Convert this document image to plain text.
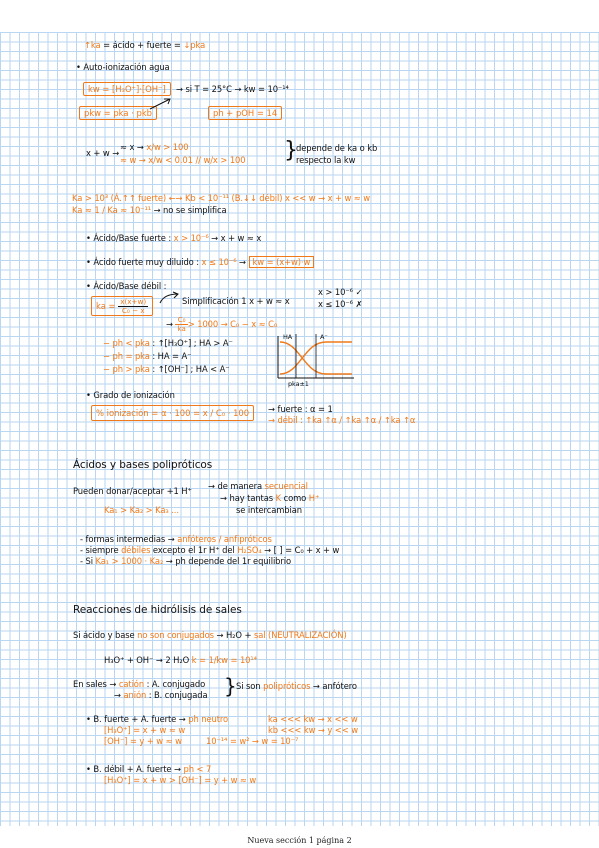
↑ka = ácido + fuerte = ↓pka
• Auto-ionización agua
kw = [H₃O⁺]·[OH⁻]	→ si T = 25°C → kw = 10⁻¹⁴
pkw = pka · pkb	ph + pOH = 14
x + w →
≈ x → x/w > 100
≈ w → x/w < 0.01 // w/x > 100 }
depende de ka o kb
respecto la kw
Ka > 10³ (Á.↑↑ fuerte) ←→ Kb < 10⁻¹¹ (B.↓↓ débil) x << w → x + w ≈ w
Ka ≈ 1 / Ka ≈ 10⁻¹¹ → no se simplifica
• Ácido/Base fuerte : x > 10⁻⁶ → x + w ≈ x
• Ácido fuerte muy diluido : x ≤ 10⁻⁶ → kw = (x+w)·w
• Ácido/Base débil :
ka = $\frac{x(x+w)}{\text{C₀ − x}}$	Simplificación 1 x + w ≈ x
x > 10⁻⁶ ✓
x ≤ 10⁻⁶ ✗
→ $\frac{\text{C₀}}{ka} > 1000 \to C_0 - x \approx C_0$
− ph < pka : ↑[H₃O⁺] ; HA > A⁻
− ph = pka : HA = A⁻
− ph > pka : ↑[OH⁻] ; HA < A⁻
HA	A⁻
pka±1
• Grado de ionización
% ionización = α · 100 = x / C₀ · 100	→ fuerte : α = 1
→ débil : ↑ka ↑α / ↑ka ↑α / ↑ka ↑α
Ácidos y bases polipróticos
Pueden donar/aceptar +1 H⁺ → de manera secuencial
→ hay tantas K como H⁺
se intercambian
Ka₁ > Ka₂ > Ka₃ ...
- formas intermedias → anfóteros / anfipróticos
- siempre débiles excepto el 1r H⁺ del H₂SO₄ → [ ] = C₀ + x + w
- Si Ka₁ > 1000 · Ka₂ → ph depende del 1r equilibrio
Reacciones de hidrólisis de sales
Si ácido y base no son conjugados → H₂O + sal (NEUTRALIZACIÓN)
H₃O⁺ + OH⁻ → 2 H₂O k = 1/kw = 10¹⁴
En sales → catión : A. conjugado
→ anión : B. conjugada } Si son polipróticos → anfótero
• B. fuerte + A. fuerte → ph neutro	ka <<< kw → x << w
[H₃O⁺] = x + w ≈ w	kb <<< kw → y << w
[OH⁻] = y + w ≈ w	10⁻¹⁴ = w² → w = 10⁻⁷
• B. débil + A. fuerte → ph < 7
[H₃O⁺] = x + w > [OH⁻] = y + w ≈ w
Nueva sección 1 página 2
